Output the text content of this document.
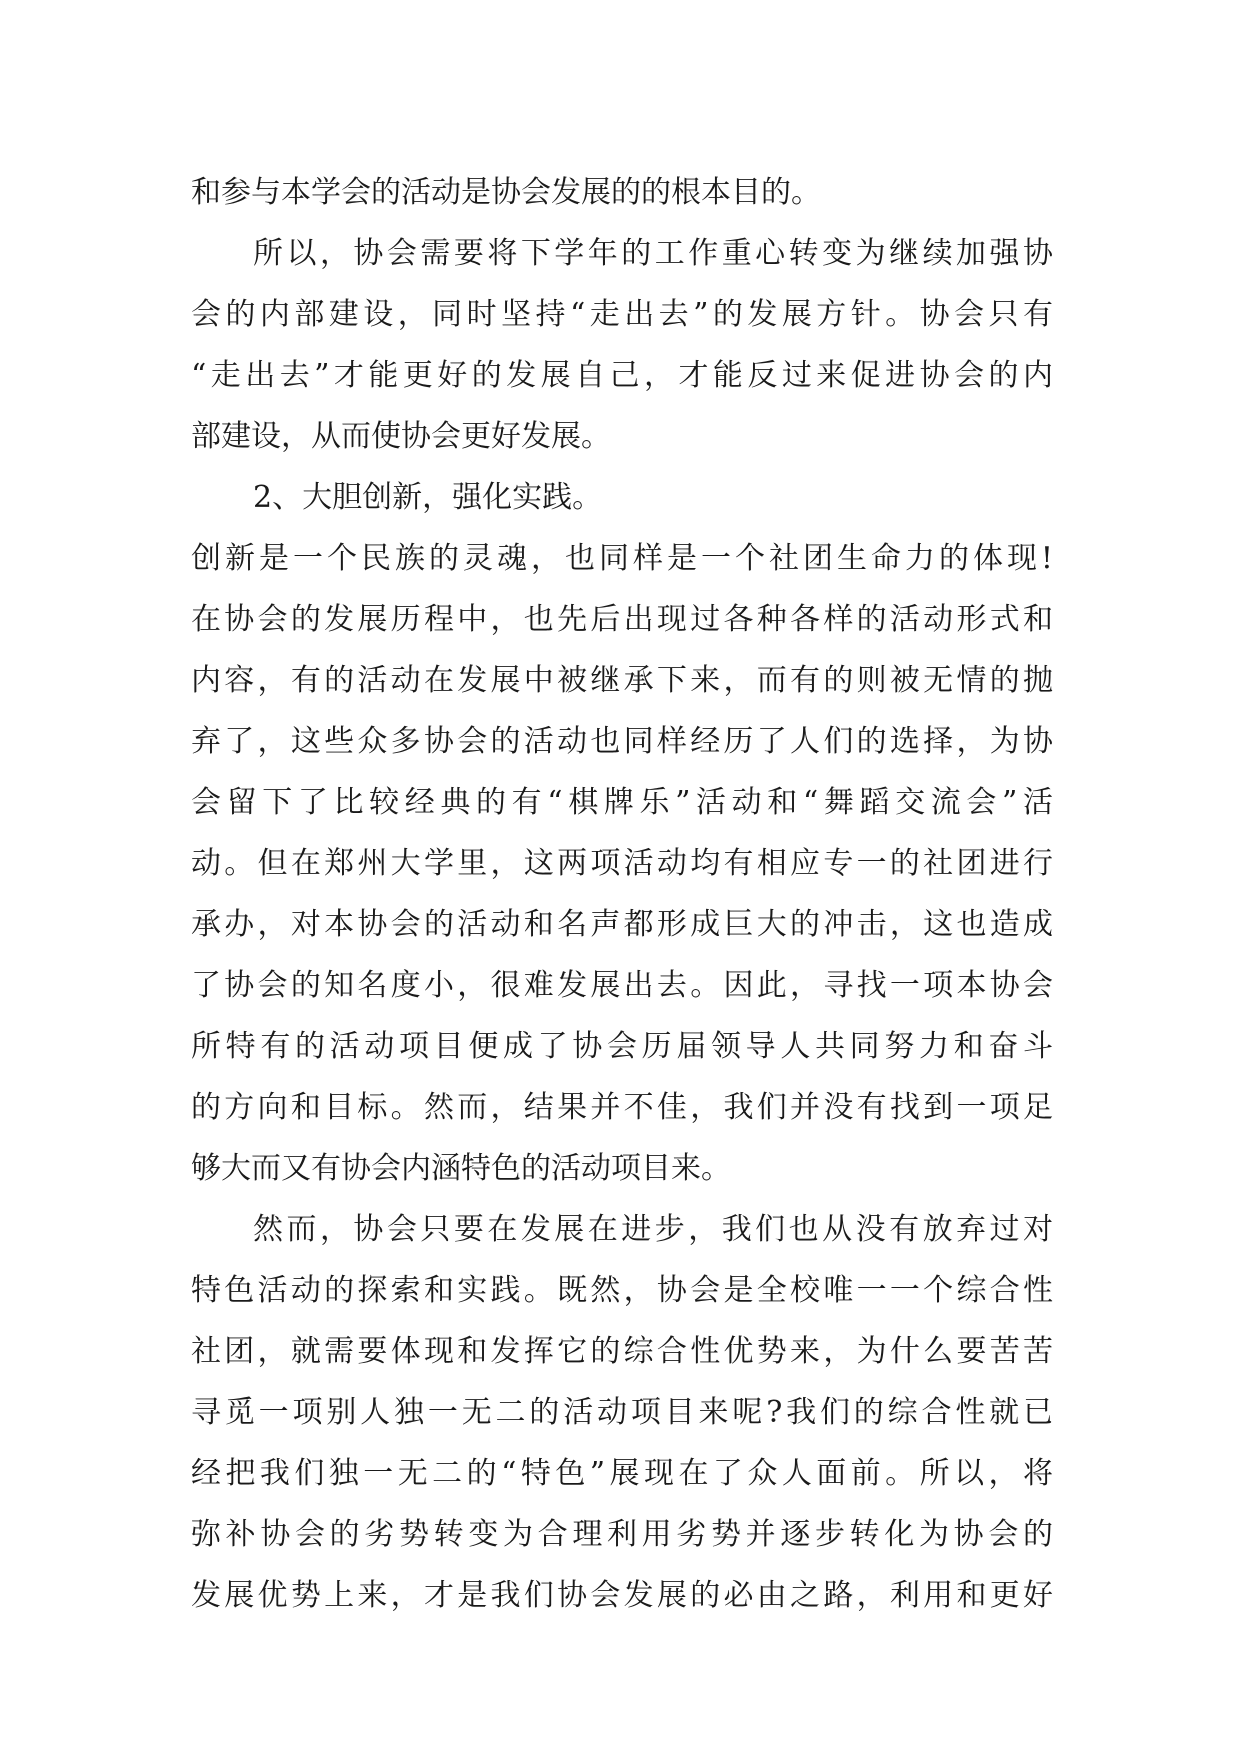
和参与本学会的活动是协会发展的的根本目的。
所以，协会需要将下学年的工作重心转变为继续加强协
会的内部建设，同时坚持“走出去”的发展方针。协会只有
“走出去”才能更好的发展自己，才能反过来促进协会的内
部建设，从而使协会更好发展。
2、大胆创新，强化实践。
创新是一个民族的灵魂，也同样是一个社团生命力的体现!
在协会的发展历程中，也先后出现过各种各样的活动形式和
内容，有的活动在发展中被继承下来，而有的则被无情的抛
弃了，这些众多协会的活动也同样经历了人们的选择，为协
会留下了比较经典的有“棋牌乐”活动和“舞蹈交流会”活
动。但在郑州大学里，这两项活动均有相应专一的社团进行
承办，对本协会的活动和名声都形成巨大的冲击，这也造成
了协会的知名度小，很难发展出去。因此，寻找一项本协会
所特有的活动项目便成了协会历届领导人共同努力和奋斗
的方向和目标。然而，结果并不佳，我们并没有找到一项足
够大而又有协会内涵特色的活动项目来。
然而，协会只要在发展在进步，我们也从没有放弃过对
特色活动的探索和实践。既然，协会是全校唯一一个综合性
社团，就需要体现和发挥它的综合性优势来，为什么要苦苦
寻觅一项别人独一无二的活动项目来呢?我们的综合性就已
经把我们独一无二的“特色”展现在了众人面前。所以，将
弥补协会的劣势转变为合理利用劣势并逐步转化为协会的
发展优势上来，才是我们协会发展的必由之路，利用和更好
